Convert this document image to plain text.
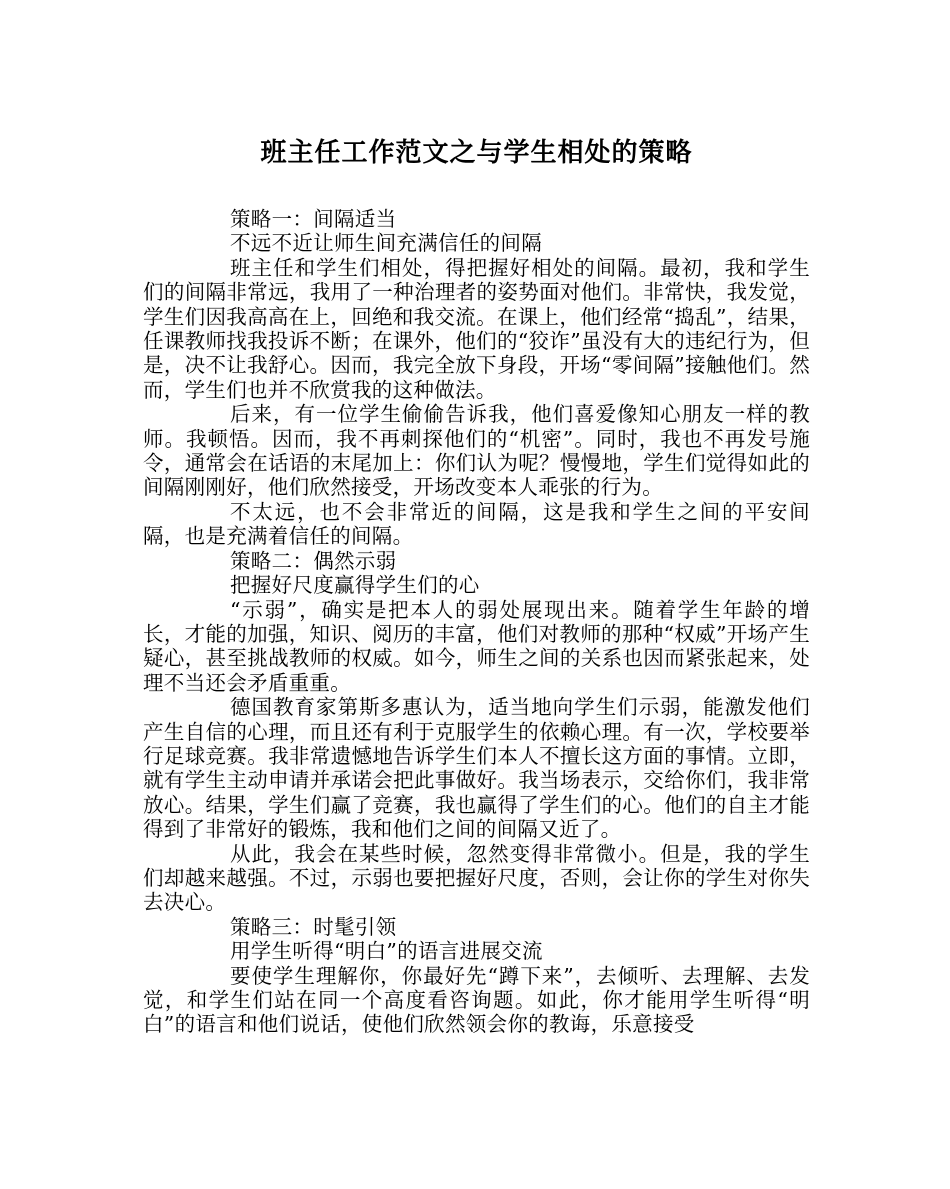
班主任工作范文之与学生相处的策略

策略一：间隔适当

不远不近让师生间充满信任的间隔

班主任和学生们相处，得把握好相处的间隔。最初，我和学生们的间隔非常远，我用了一种治理者的姿势面对他们。非常快，我发觉，学生们因我高高在上，回绝和我交流。在课上，他们经常“捣乱”，结果，任课教师找我投诉不断；在课外，他们的“狡诈”虽没有大的违纪行为，但是，决不让我舒心。因而，我完全放下身段，开场“零间隔”接触他们。然而，学生们也并不欣赏我的这种做法。

后来，有一位学生偷偷告诉我，他们喜爱像知心朋友一样的教师。我顿悟。因而，我不再刺探他们的“机密”。同时，我也不再发号施令，通常会在话语的末尾加上：你们认为呢？慢慢地，学生们觉得如此的间隔刚刚好，他们欣然接受，开场改变本人乖张的行为。

不太远，也不会非常近的间隔，这是我和学生之间的平安间隔，也是充满着信任的间隔。

策略二：偶然示弱

把握好尺度赢得学生们的心

“示弱”，确实是把本人的弱处展现出来。随着学生年龄的增长，才能的加强，知识、阅历的丰富，他们对教师的那种“权威”开场产生疑心，甚至挑战教师的权威。如今，师生之间的关系也因而紧张起来，处理不当还会矛盾重重。

德国教育家第斯多惠认为，适当地向学生们示弱，能激发他们产生自信的心理，而且还有利于克服学生的依赖心理。有一次，学校要举行足球竞赛。我非常遗憾地告诉学生们本人不擅长这方面的事情。立即，就有学生主动申请并承诺会把此事做好。我当场表示，交给你们，我非常放心。结果，学生们赢了竞赛，我也赢得了学生们的心。他们的自主才能得到了非常好的锻炼，我和他们之间的间隔又近了。

从此，我会在某些时候，忽然变得非常微小。但是，我的学生们却越来越强。不过，示弱也要把握好尺度，否则，会让你的学生对你失去决心。

策略三：时髦引领

用学生听得“明白”的语言进展交流

要使学生理解你，你最好先“蹲下来”，去倾听、去理解、去发觉，和学生们站在同一个高度看咨询题。如此，你才能用学生听得“明白”的语言和他们说话，使他们欣然领会你的教诲，乐意接受
